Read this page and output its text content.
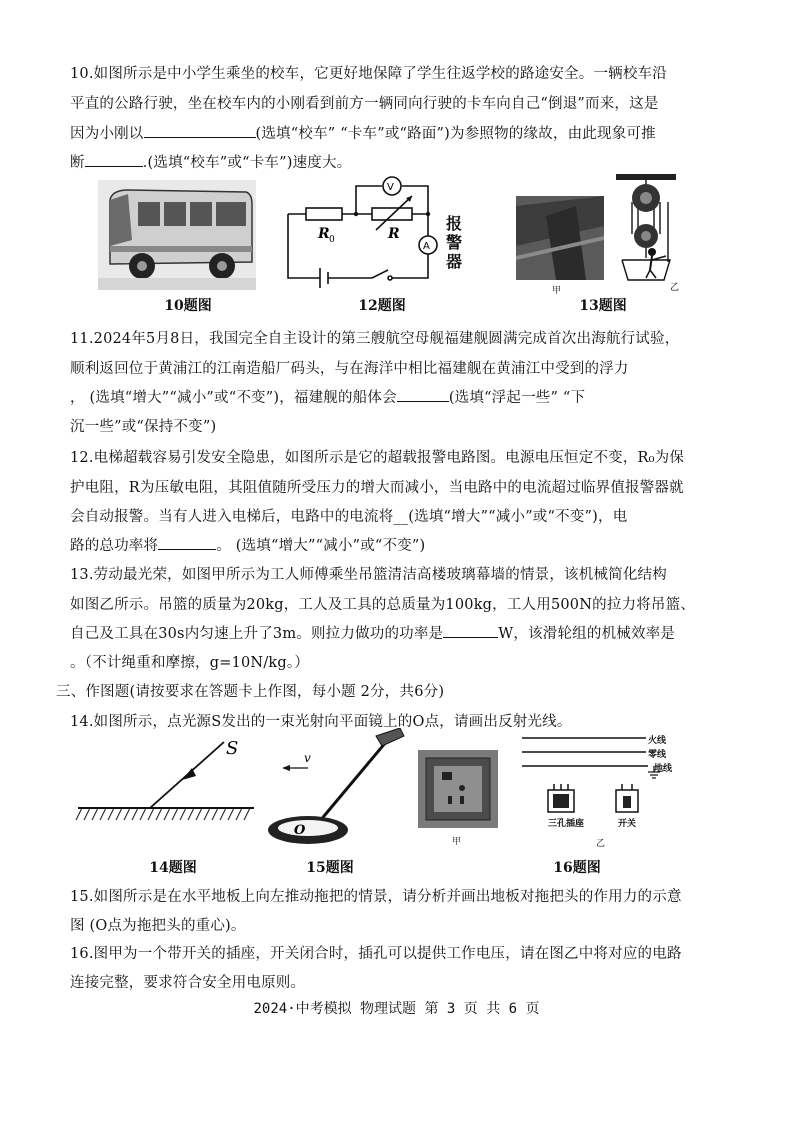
10.如图所示是中小学生乘坐的校车，它更好地保障了学生往返学校的路途安全。一辆校车沿
平直的公路行驶，坐在校车内的小刚看到前方一辆同向行驶的卡车向自己“倒退”而来，这是
因为小刚以	(选填“校车” “卡车”或“路面”)为参照物的缘故，由此现象可推
断	.(选填“校车”或“卡车”)速度大。
R 0	R
V
A
报警器
甲	乙
10题图	12题图	13题图
11.2024年5月8日，我国完全自主设计的第三艘航空母舰福建舰圆满完成首次出海航行试验，
顺利返回位于黄浦江的江南造船厂码头，与在海洋中相比福建舰在黄浦江中受到的浮力
， (选填“增大”“减小”或“不变”)，福建舰的船体会	(选填“浮起一些” “下
沉一些”或“保持不变”)
12.电梯超载容易引发安全隐患，如图所示是它的超载报警电路图。电源电压恒定不变，R₀为保
护电阻，R为压敏电阻，其阻值随所受压力的增大而减小，当电路中的电流超过临界值报警器就
会自动报警。当有人进入电梯后，电路中的电流将__(选填“增大”“减小”或“不变”)，电
路的总功率将	。 (选填“增大”“减小”或“不变”)
13.劳动最光荣，如图甲所示为工人师傅乘坐吊篮清洁高楼玻璃幕墙的情景，该机械简化结构
如图乙所示。吊篮的质量为20kg，工人及工具的总质量为100kg，工人用500N的拉力将吊篮、
自己及工具在30s内匀速上升了3m。则拉力做功的功率是	W，该滑轮组的机械效率是
。（不计绳重和摩擦，g=10N/kg。）
三、作图题(请按要求在答题卡上作图，每小题 2分，共6分)
14.如图所示，点光源S发出的一束光射向平面镜上的O点，请画出反射光线。
S	v
O
甲
火线
零线
地线
三孔插座	开关
乙
14题图	15题图	16题图
15.如图所示是在水平地板上向左推动拖把的情景，请分析并画出地板对拖把头的作用力的示意
图 (O点为拖把头的重心)。
16.图甲为一个带开关的插座，开关闭合时，插孔可以提供工作电压，请在图乙中将对应的电路
连接完整，要求符合安全用电原则。
2024·中考模拟 物理试题 第 3 页 共 6 页
